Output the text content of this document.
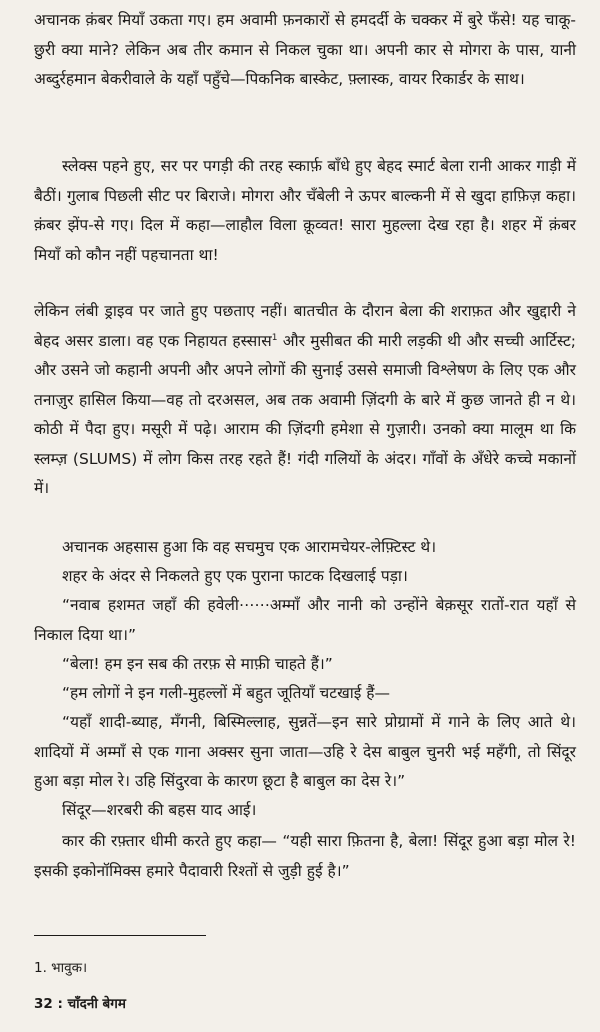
अचानक क़ंबर मियाँ उकता गए। हम अवामी फ़नकारों से हमदर्दी के चक्कर में बुरे फँसे! यह चाकू-छुरी क्या माने? लेकिन अब तीर कमान से निकल चुका था। अपनी कार से मोगरा के पास, यानी अब्दुर्रहमान बेकरीवाले के यहाँ पहुँचे—पिकनिक बास्केट, फ़्लास्क, वायर रिकार्डर के साथ।

स्लेक्स पहने हुए, सर पर पगड़ी की तरह स्कार्फ़ बाँधे हुए बेहद स्मार्ट बेला रानी आकर गाड़ी में बैठीं। गुलाब पिछली सीट पर बिराजे। मोगरा और चँबेली ने ऊपर बाल्कनी में से खुदा हाफ़िज़ कहा। क़ंबर झेंप-से गए। दिल में कहा—लाहौल विला क़ूव्वत! सारा मुहल्ला देख रहा है। शहर में क़ंबर मियाँ को कौन नहीं पहचानता था!

लेकिन लंबी ड्राइव पर जाते हुए पछताए नहीं। बातचीत के दौरान बेला की शराफ़त और खुद्दारी ने बेहद असर डाला। वह एक निहायत हस्सास$^1$ और मुसीबत की मारी लड़की थी और सच्ची आर्टिस्ट; और उसने जो कहानी अपनी और अपने लोगों की सुनाई उससे समाजी विश्लेषण के लिए एक और तनाज़ुर हासिल किया—वह तो दरअसल, अब तक अवामी ज़िंदगी के बारे में कुछ जानते ही न थे। कोठी में पैदा हुए। मसूरी में पढ़े। आराम की ज़िंदगी हमेशा से गुज़ारी। उनको क्या मालूम था कि स्लम्ज़ (SLUMS) में लोग किस तरह रहते हैं! गंदी गलियों के अंदर। गाँवों के अँधेरे कच्चे मकानों में।

अचानक अहसास हुआ कि वह सचमुच एक आरामचेयर-लेफ़्टिस्ट थे।

शहर के अंदर से निकलते हुए एक पुराना फाटक दिखलाई पड़ा।

“नवाब हशमत जहाँ की हवेली⋯⋯अम्माँ और नानी को उन्होंने बेक़सूर रातों-रात यहाँ से निकाल दिया था।”

“बेला! हम इन सब की तरफ़ से माफ़ी चाहते हैं।”

“हम लोगों ने इन गली-मुहल्लों में बहुत जूतियाँ चटखाई हैं—

“यहाँ शादी-ब्याह, मँगनी, बिस्मिल्लाह, सुन्नतें—इन सारे प्रोग्रामों में गाने के लिए आते थे। शादियों में अम्माँ से एक गाना अक्सर सुना जाता—उहि रे देस बाबुल चुनरी भई महँगी, तो सिंदूर हुआ बड़ा मोल रे। उहि सिंदुरवा के कारण छूटा है बाबुल का देस रे।”

सिंदूर—शरबरी की बहस याद आई।

कार की रफ़्तार धीमी करते हुए कहा— “यही सारा फ़ितना है, बेला! सिंदूर हुआ बड़ा मोल रे! इसकी इकोनॉमिक्स हमारे पैदावारी रिश्तों से जुड़ी हुई है।”

1. भावुक।
32 : चाँदनी बेगम
